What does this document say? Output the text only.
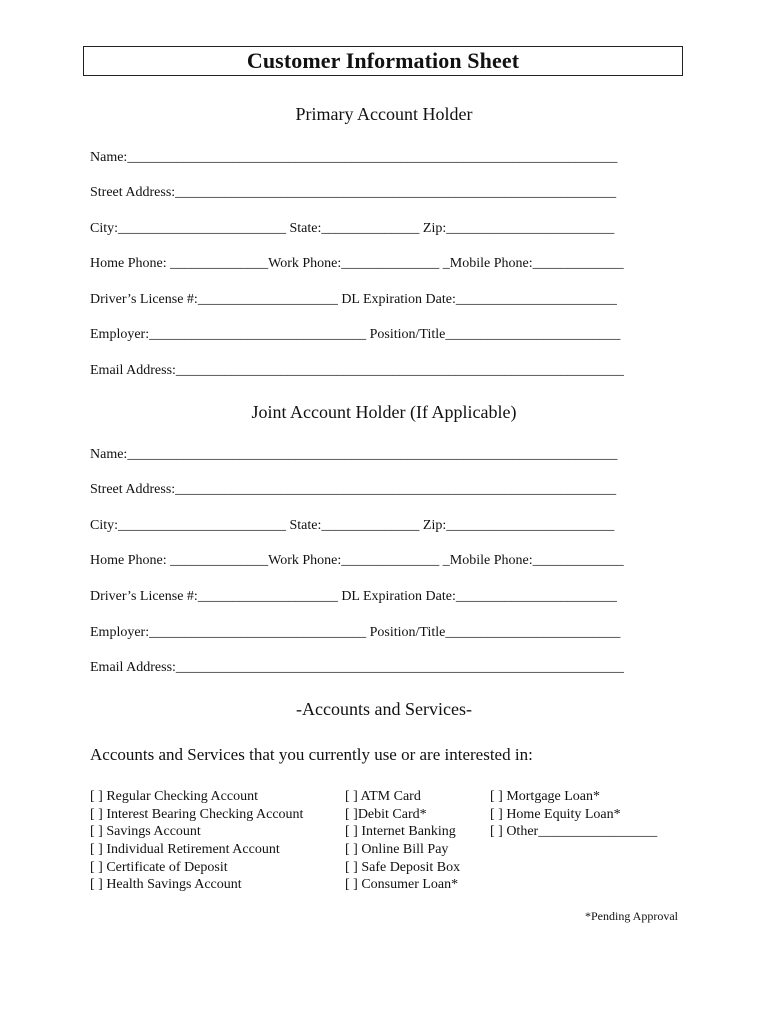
Customer Information Sheet
Primary Account Holder
Name:______________________________________________________________________
Street Address:_______________________________________________________________
City:________________________ State:______________ Zip:________________________
Home Phone: ______________Work Phone:______________ _Mobile Phone:_____________
Driver’s License #:____________________ DL Expiration Date:_______________________
Employer:_______________________________ Position/Title_________________________
Email Address:________________________________________________________________
Joint Account Holder (If Applicable)
Name:______________________________________________________________________
Street Address:_______________________________________________________________
City:________________________ State:______________ Zip:________________________
Home Phone: ______________Work Phone:______________ _Mobile Phone:_____________
Driver’s License #:____________________ DL Expiration Date:_______________________
Employer:_______________________________ Position/Title_________________________
Email Address:________________________________________________________________
-Accounts and Services-
Accounts and Services that you currently use or are interested in:
[ ] Regular Checking Account
[ ] Interest Bearing Checking Account
[ ] Savings Account
[ ] Individual Retirement Account
[ ] Certificate of Deposit
[ ] Health Savings Account
[ ] ATM Card
[ ]Debit Card*
[ ] Internet Banking
[ ] Online Bill Pay
[ ] Safe Deposit Box
[ ] Consumer Loan*
[ ] Mortgage Loan*
[ ] Home Equity Loan*
[ ] Other_________________
*Pending Approval
